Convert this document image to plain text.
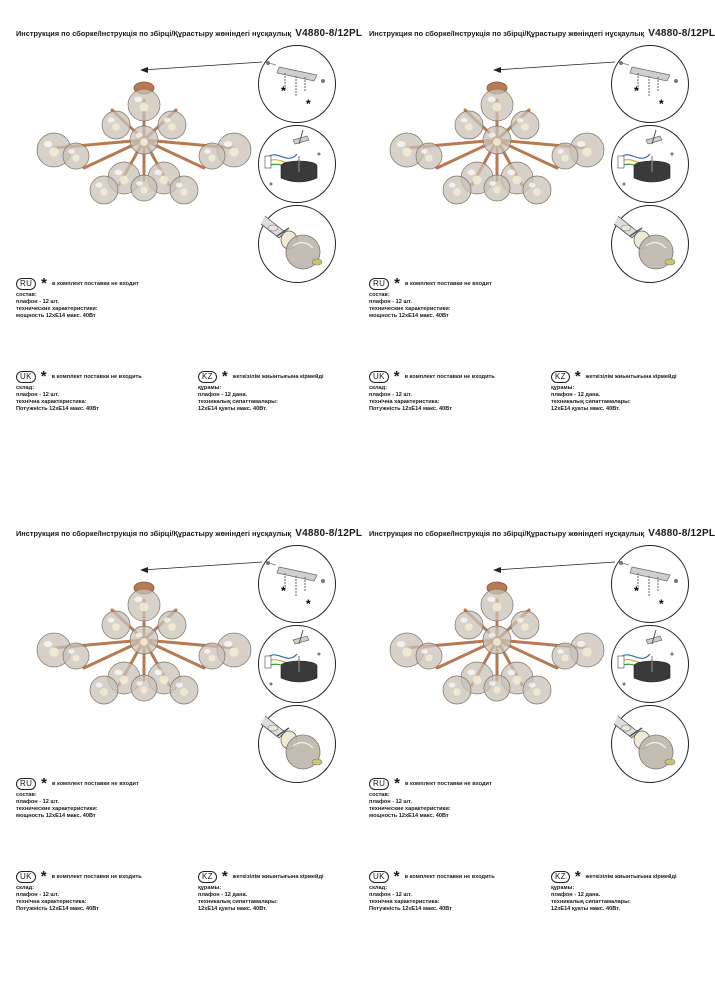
Инструкция по сборке/Інструкція по збірці/Құрастыру жөніндегі нұсқаулық V4880-8/12PL
*
*
RU * в комплект поставки не входит
состав:
плафон - 12 шт.
технические характеристики:
мощность 12xE14 макс. 40Вт
UK * в комплект поставки не входить
склад:
плафон - 12 шт.
технічна характеристика:
Потужність 12xE14 макс. 40Вт
KZ * жеткізілім жиынтығына кірмейді
құрамы:
плафон - 12 дана.
техникалық сипаттамалары:
12xE14 қуаты макс. 40Вт.
Инструкция по сборке/Інструкція по збірці/Құрастыру жөніндегі нұсқаулық V4880-8/12PL
*
*
RU * в комплект поставки не входит
состав:
плафон - 12 шт.
технические характеристики:
мощность 12xE14 макс. 40Вт
UK * в комплект поставки не входить
склад:
плафон - 12 шт.
технічна характеристика:
Потужність 12xE14 макс. 40Вт
KZ * жеткізілім жиынтығына кірмейді
құрамы:
плафон - 12 дана.
техникалық сипаттамалары:
12xE14 қуаты макс. 40Вт.
Инструкция по сборке/Інструкція по збірці/Құрастыру жөніндегі нұсқаулық V4880-8/12PL
*
*
RU * в комплект поставки не входит
состав:
плафон - 12 шт.
технические характеристики:
мощность 12xE14 макс. 40Вт
UK * в комплект поставки не входить
склад:
плафон - 12 шт.
технічна характеристика:
Потужність 12xE14 макс. 40Вт
KZ * жеткізілім жиынтығына кірмейді
құрамы:
плафон - 12 дана.
техникалық сипаттамалары:
12xE14 қуаты макс. 40Вт.
Инструкция по сборке/Інструкція по збірці/Құрастыру жөніндегі нұсқаулық V4880-8/12PL
*
*
RU * в комплект поставки не входит
состав:
плафон - 12 шт.
технические характеристики:
мощность 12xE14 макс. 40Вт
UK * в комплект поставки не входить
склад:
плафон - 12 шт.
технічна характеристика:
Потужність 12xE14 макс. 40Вт
KZ * жеткізілім жиынтығына кірмейді
құрамы:
плафон - 12 дана.
техникалық сипаттамалары:
12xE14 қуаты макс. 40Вт.
